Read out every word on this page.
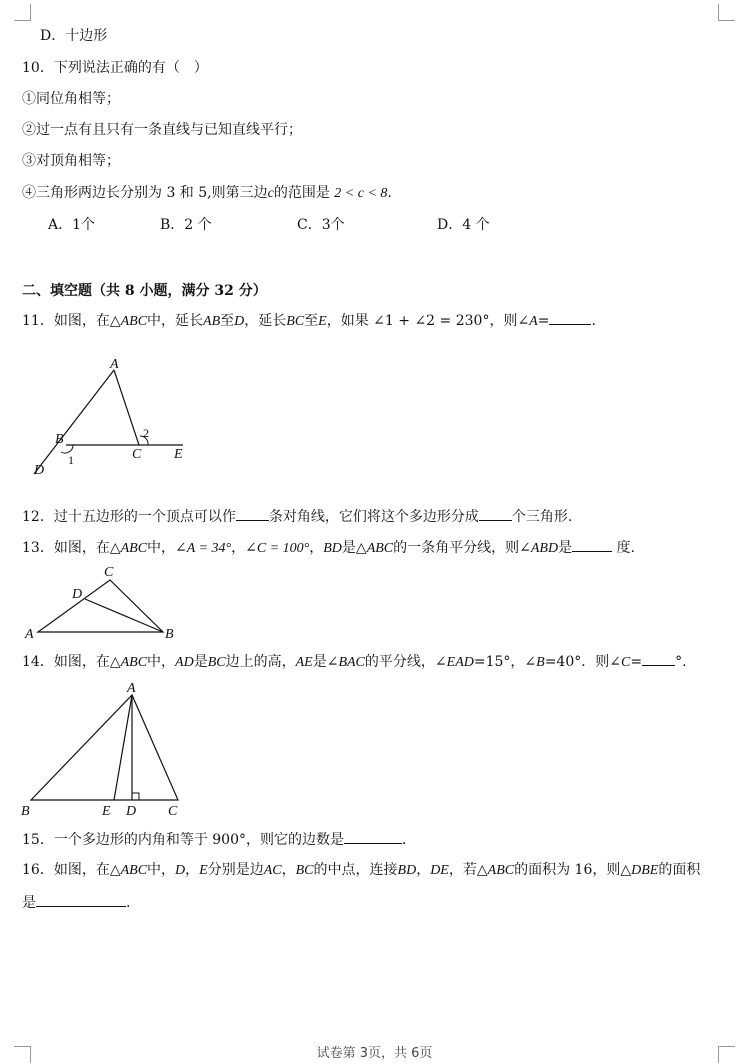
D．十边形
10．下列说法正确的有（　）
①同位角相等；
②过一点有且只有一条直线与已知直线平行；
③对顶角相等；
④三角形两边长分别为 3 和 5,则第三边c的范围是 2 < c < 8.
A．1个	B．2 个	C．3个	D．4 个
二、填空题（共 8 小题，满分 32 分）
11．如图，在△ABC中，延长AB至D，延长BC至E，如果 ∠1 + ∠2 = 230°，则∠A=	.
A
B
C
D
E
1
2
12．过十五边形的一个顶点可以作 条对角线，它们将这个多边形分成 个三角形.
13．如图，在△ABC中，∠A = 34°，∠C = 100°，BD是△ABC的一条角平分线，则∠ABD是	度.
A	B
C
D
14．如图，在△ABC中，AD是BC边上的高，AE是∠BAC的平分线，∠EAD=15°，∠B=40°．则∠C= °.
A
B	C
D
E
15．一个多边形的内角和等于 900°，则它的边数是	.
16．如图，在△ABC中，D，E分别是边AC，BC的中点，连接BD，DE，若△ABC的面积为 16，则△DBE的面积
是	.
试卷第 3页，共 6页
